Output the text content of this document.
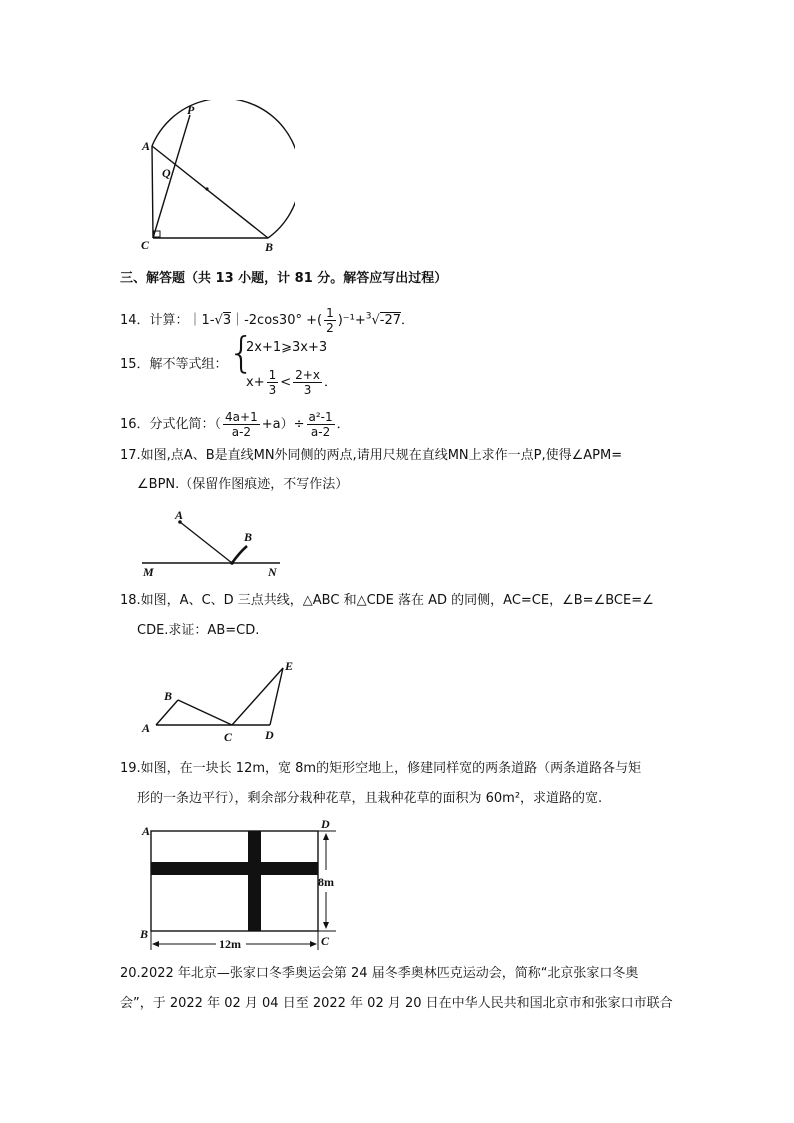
P
A
Q
C	B
三、解答题（共 13 小题，计 81 分。解答应写出过程）
14．计算：｜1-√3｜-2cos30° +( $\frac{1}{2} )^{-1}+^3√-27$．
15．解不等式组： {
2x+1⩾3x+3
$x+ \frac{1}{3} < \frac{2+x}{3}$ ．
16．分式化简：（ $\frac{4a+1}{a-2} +a)\div \frac{\text{a²-1}}{a-2}$ ．
17.如图,点A、B是直线MN外同侧的两点,请用尺规在直线MN上求作一点P,使得∠APM=
∠BPN.（保留作图痕迹，不写作法）
A
B
M	N
18.如图，A、C、D 三点共线，△ABC 和△CDE 落在 AD 的同侧，AC=CE，∠B=∠BCE=∠
CDE.求证：AB=CD.
A
B
C	D
E
19.如图，在一块长 12m，宽 8m的矩形空地上，修建同样宽的两条道路（两条道路各与矩
形的一条边平行），剩余部分栽种花草，且栽种花草的面积为 60m²，求道路的宽.
A	D
B	C
8m
12m
20.2022 年北京—张家口冬季奥运会第 24 届冬季奥林匹克运动会，简称“北京张家口冬奥
会”，于 2022 年 02 月 04 日至 2022 年 02 月 20 日在中华人民共和国北京市和张家口市联合
